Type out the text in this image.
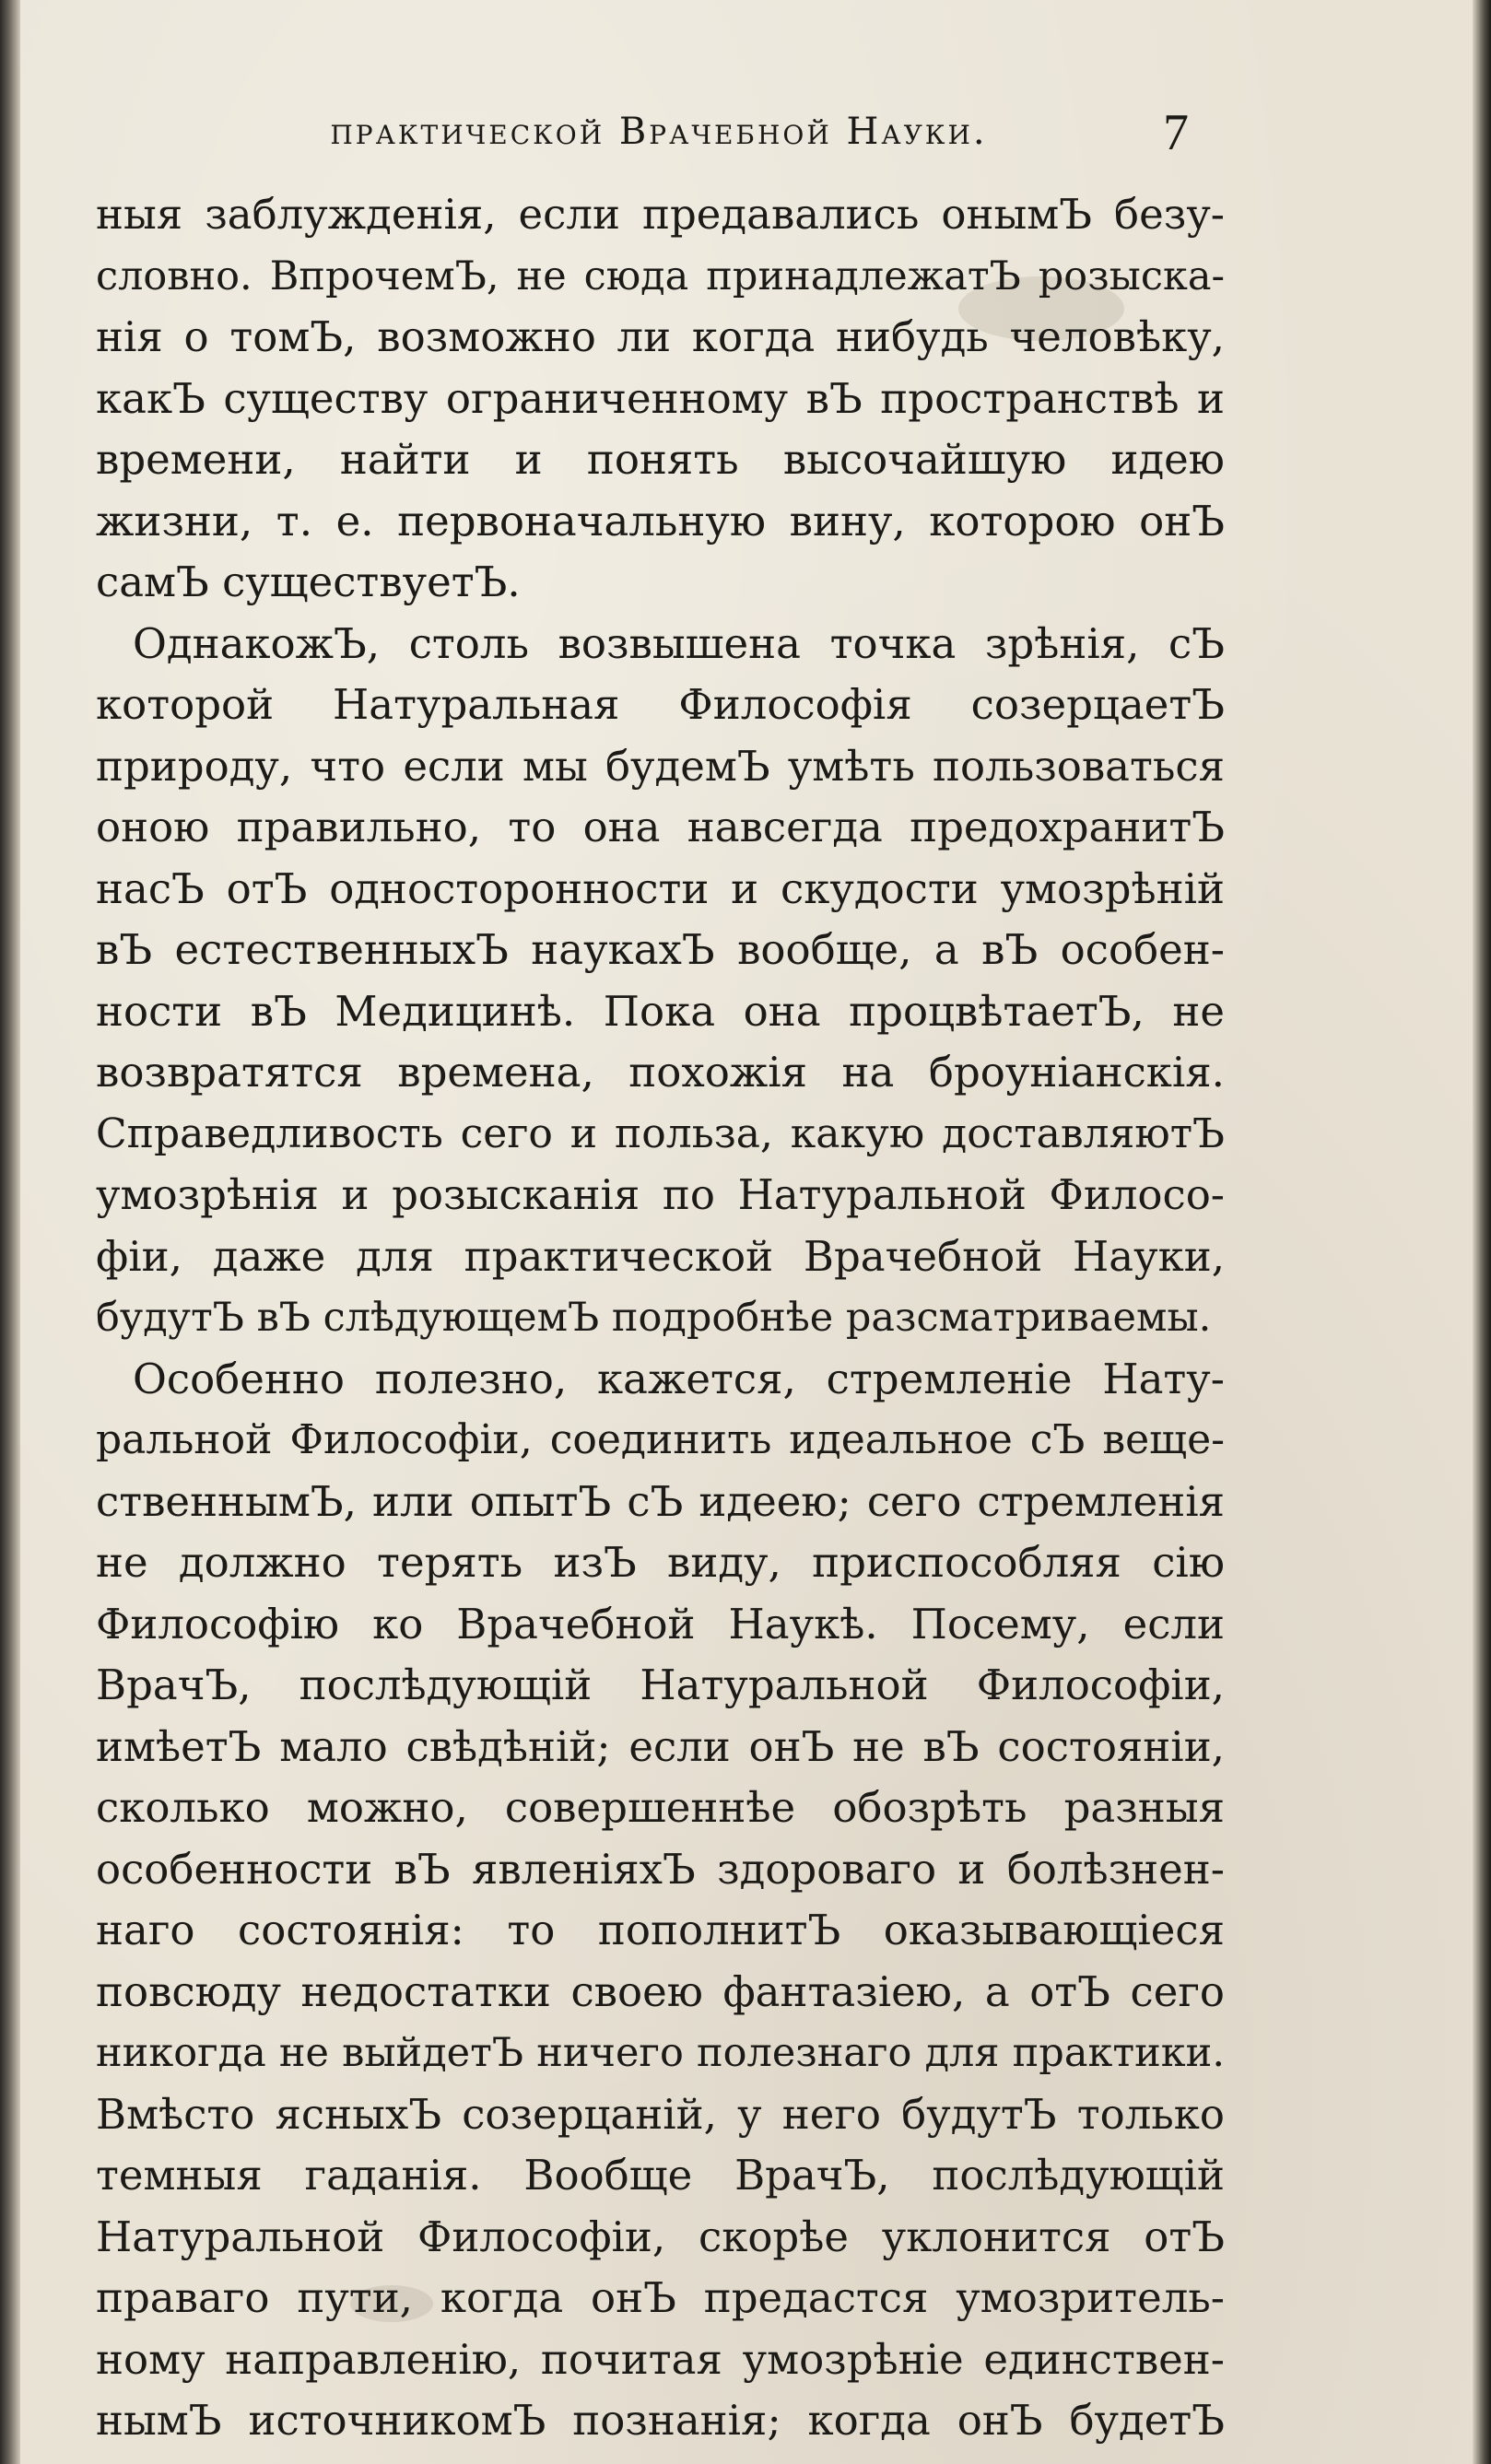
практической Врачебной Науки.	7
ныя заблужденія, если предавались онымЪ безу-
словно. ВпрочемЪ, не сюда принадлежатЪ розыска-
нія о томЪ, возможно ли когда нибудь человѣку,
какЪ существу ограниченному вЪ пространствѣ и
времени, найти и понять высочайшую идею
жизни, т. е. первоначальную вину, которою онЪ
самЪ существуетЪ.
ОднакожЪ, столь возвышена точка зрѣнія, сЪ
которой Натуральная Философія созерцаетЪ
природу, что если мы будемЪ умѣть пользоваться
оною правильно, то она навсегда предохранитЪ
насЪ отЪ односторонности и скудости умозрѣній
вЪ естественныхЪ наукахЪ вообще, а вЪ особен-
ности вЪ Медицинѣ. Пока она процвѣтаетЪ, не
возвратятся времена, похожія на броуніанскія.
Справедливость сего и польза, какую доставляютЪ
умозрѣнія и розысканія по Натуральной Филосо-
фіи, даже для практической Врачебной Науки,
будутЪ вЪ слѣдующемЪ подробнѣе разсматриваемы.
Особенно полезно, кажется, стремленіе Нату-
ральной Философіи, соединить идеальное сЪ веще-
ственнымЪ, или опытЪ сЪ идеею; сего стремленія
не должно терять изЪ виду, приспособляя сію
Философію ко Врачебной Наукѣ. Посему, если
ВрачЪ, послѣдующій Натуральной Философіи,
имѣетЪ мало свѣдѣній; если онЪ не вЪ состояніи,
сколько можно, совершеннѣе обозрѣть разныя
особенности вЪ явленіяхЪ здороваго и болѣзнен-
наго состоянія: то пополнитЪ оказывающіеся
повсюду недостатки своею фантазіею, а отЪ сего
никогда не выйдетЪ ничего полезнаго для практики.
Вмѣсто ясныхЪ созерцаній, у него будутЪ только
темныя гаданія. Вообще ВрачЪ, послѣдующій
Натуральной Философіи, скорѣе уклонится отЪ
праваго пути, когда онЪ предастся умозритель-
ному направленію, почитая умозрѣніе единствен-
нымЪ источникомЪ познанія; когда онЪ будетЪ
